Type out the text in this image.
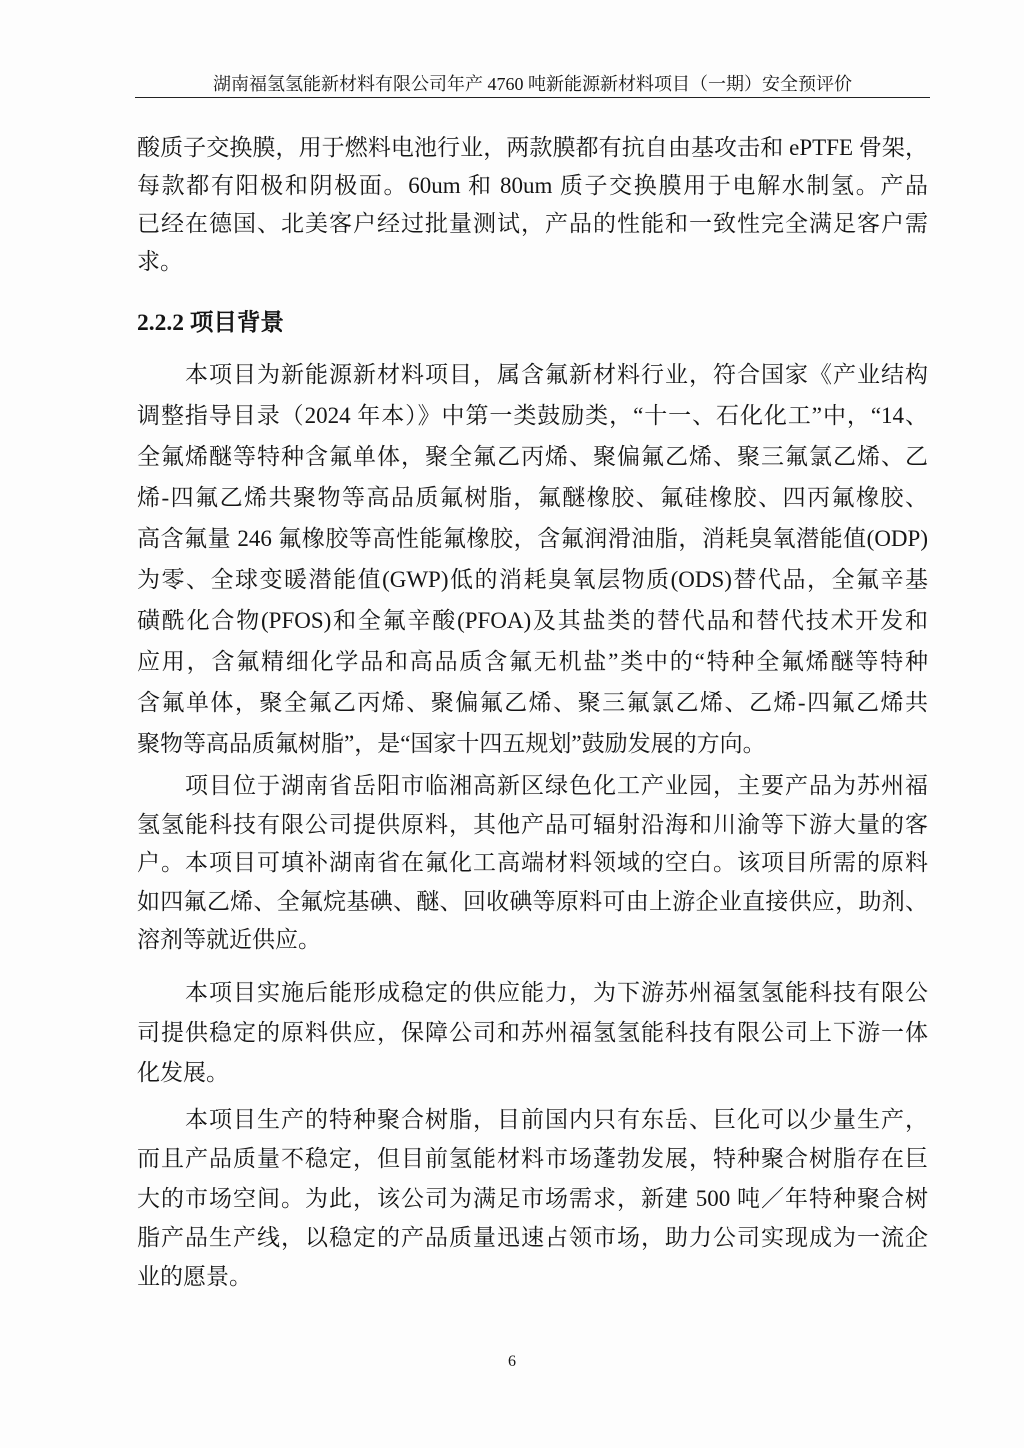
湖南福氢氢能新材料有限公司年产 4760 吨新能源新材料项目（一期）安全预评价
酸质子交换膜，用于燃料电池行业，两款膜都有抗自由基攻击和 ePTFE 骨架，
每款都有阳极和阴极面。60um 和 80um 质子交换膜用于电解水制氢。产品
已经在德国、北美客户经过批量测试，产品的性能和一致性完全满足客户需
求。
2.2.2 项目背景
本项目为新能源新材料项目，属含氟新材料行业，符合国家《产业结构
调整指导目录（2024 年本）》中第一类鼓励类，“十一、石化化工”中，“14、
全氟烯醚等特种含氟单体，聚全氟乙丙烯、聚偏氟乙烯、聚三氟氯乙烯、乙
烯-四氟乙烯共聚物等高品质氟树脂，氟醚橡胶、氟硅橡胶、四丙氟橡胶、
高含氟量 246 氟橡胶等高性能氟橡胶，含氟润滑油脂，消耗臭氧潜能值(ODP)
为零、全球变暖潜能值(GWP)低的消耗臭氧层物质(ODS)替代品，全氟辛基
磺酰化合物(PFOS)和全氟辛酸(PFOA)及其盐类的替代品和替代技术开发和
应用，含氟精细化学品和高品质含氟无机盐”类中的“特种全氟烯醚等特种
含氟单体，聚全氟乙丙烯、聚偏氟乙烯、聚三氟氯乙烯、乙烯-四氟乙烯共
聚物等高品质氟树脂”，是“国家十四五规划”鼓励发展的方向。
项目位于湖南省岳阳市临湘高新区绿色化工产业园，主要产品为苏州福
氢氢能科技有限公司提供原料，其他产品可辐射沿海和川渝等下游大量的客
户。本项目可填补湖南省在氟化工高端材料领域的空白。该项目所需的原料
如四氟乙烯、全氟烷基碘、醚、回收碘等原料可由上游企业直接供应，助剂、
溶剂等就近供应。
本项目实施后能形成稳定的供应能力，为下游苏州福氢氢能科技有限公
司提供稳定的原料供应，保障公司和苏州福氢氢能科技有限公司上下游一体
化发展。
本项目生产的特种聚合树脂，目前国内只有东岳、巨化可以少量生产，
而且产品质量不稳定，但目前氢能材料市场蓬勃发展，特种聚合树脂存在巨
大的市场空间。为此，该公司为满足市场需求，新建 500 吨／年特种聚合树
脂产品生产线，以稳定的产品质量迅速占领市场，助力公司实现成为一流企
业的愿景。
6
